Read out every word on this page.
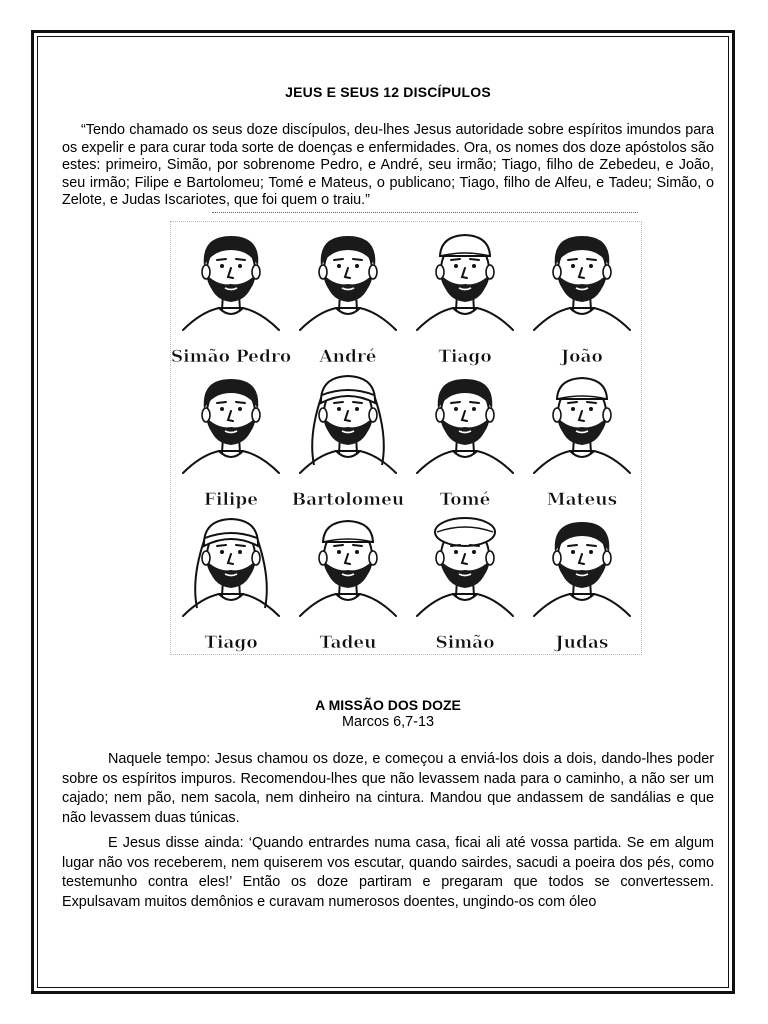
JEUS E SEUS 12 DISCÍPULOS

“Tendo chamado os seus doze discípulos, deu-lhes Jesus autoridade sobre espíritos imundos para os expelir e para curar toda sorte de doenças e enfermidades. Ora, os nomes dos doze apóstolos são estes: primeiro, Simão, por sobrenome Pedro, e André, seu irmão; Tiago, filho de Zebedeu, e João, seu irmão; Filipe e Bartolomeu; Tomé e Mateus, o publicano; Tiago, filho de Alfeu, e Tadeu; Simão, o Zelote, e Judas Iscariotes, que foi quem o traiu.”

Simão Pedro André	Tiago	João
Filipe Bartolomeu Tomé	Mateus
Tiago	Tadeu	Simão	Judas
A MISSÃO DOS DOZE
Marcos 6,7-13

Naquele tempo: Jesus chamou os doze, e começou a enviá-los dois a dois, dando-lhes poder sobre os espíritos impuros. Recomendou-lhes que não levassem nada para o caminho, a não ser um cajado; nem pão, nem sacola, nem dinheiro na cintura. Mandou que andassem de sandálias e que não levassem duas túnicas.

E Jesus disse ainda: ‘Quando entrardes numa casa, ficai ali até vossa partida. Se em algum lugar não vos receberem, nem quiserem vos escutar, quando sairdes, sacudi a poeira dos pés, como testemunho contra eles!’ Então os doze partiram e pregaram que todos se convertessem. Expulsavam muitos demônios e curavam numerosos doentes, ungindo-os com óleo
